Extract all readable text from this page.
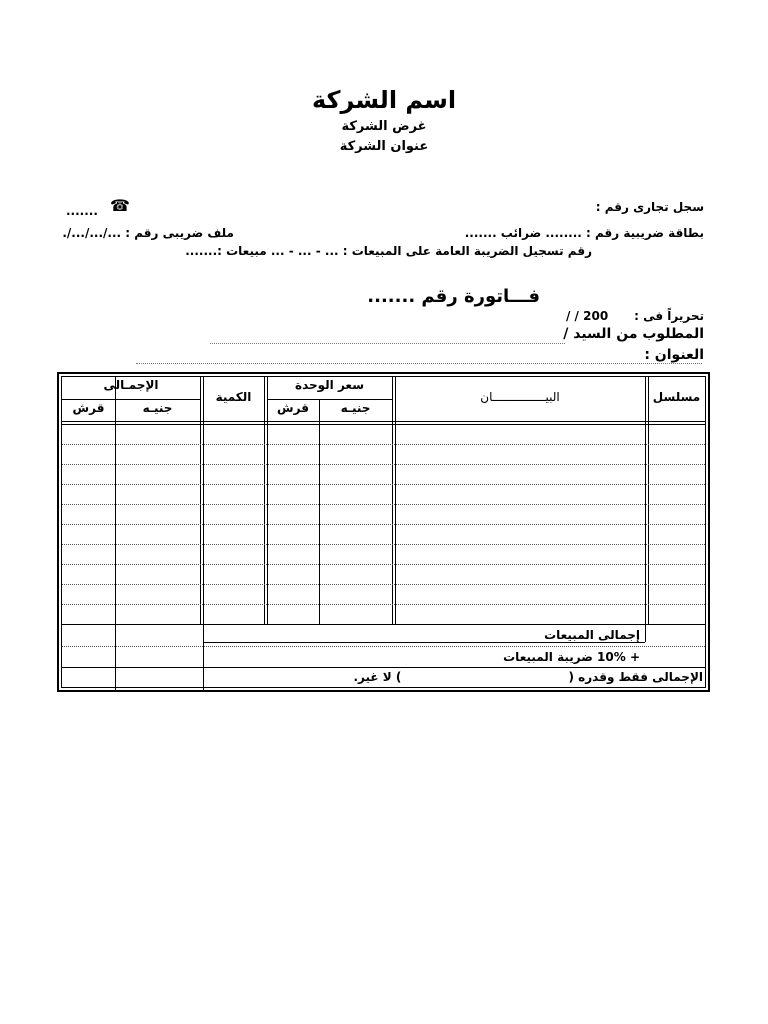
اسم الشركة
غرض الشركة
عنوان الشركة
سجل تجارى رقم :
....... ☎
بطاقة ضريبية رقم : ........ ضرائب .......
ملف ضريبى رقم : .../.../.../.
رقم تسجيل الضريبة العامة على المبيعات : ... - ... - ... مبيعات :.......
فـــاتورة رقم .......
تحريراً فى :
/ / 200
المطلوب من السيد /
العنوان :
مسلسل
البيـــــــــــــــان
سعر الوحدة
جنيـه
قرش
الكمية
الإجمـالى
جنيـه
قرش
إجمالى المبيعات
+ 10% ضريبة المبيعات
الإجمالى فقط وقدره (                                        ) لا غير.
